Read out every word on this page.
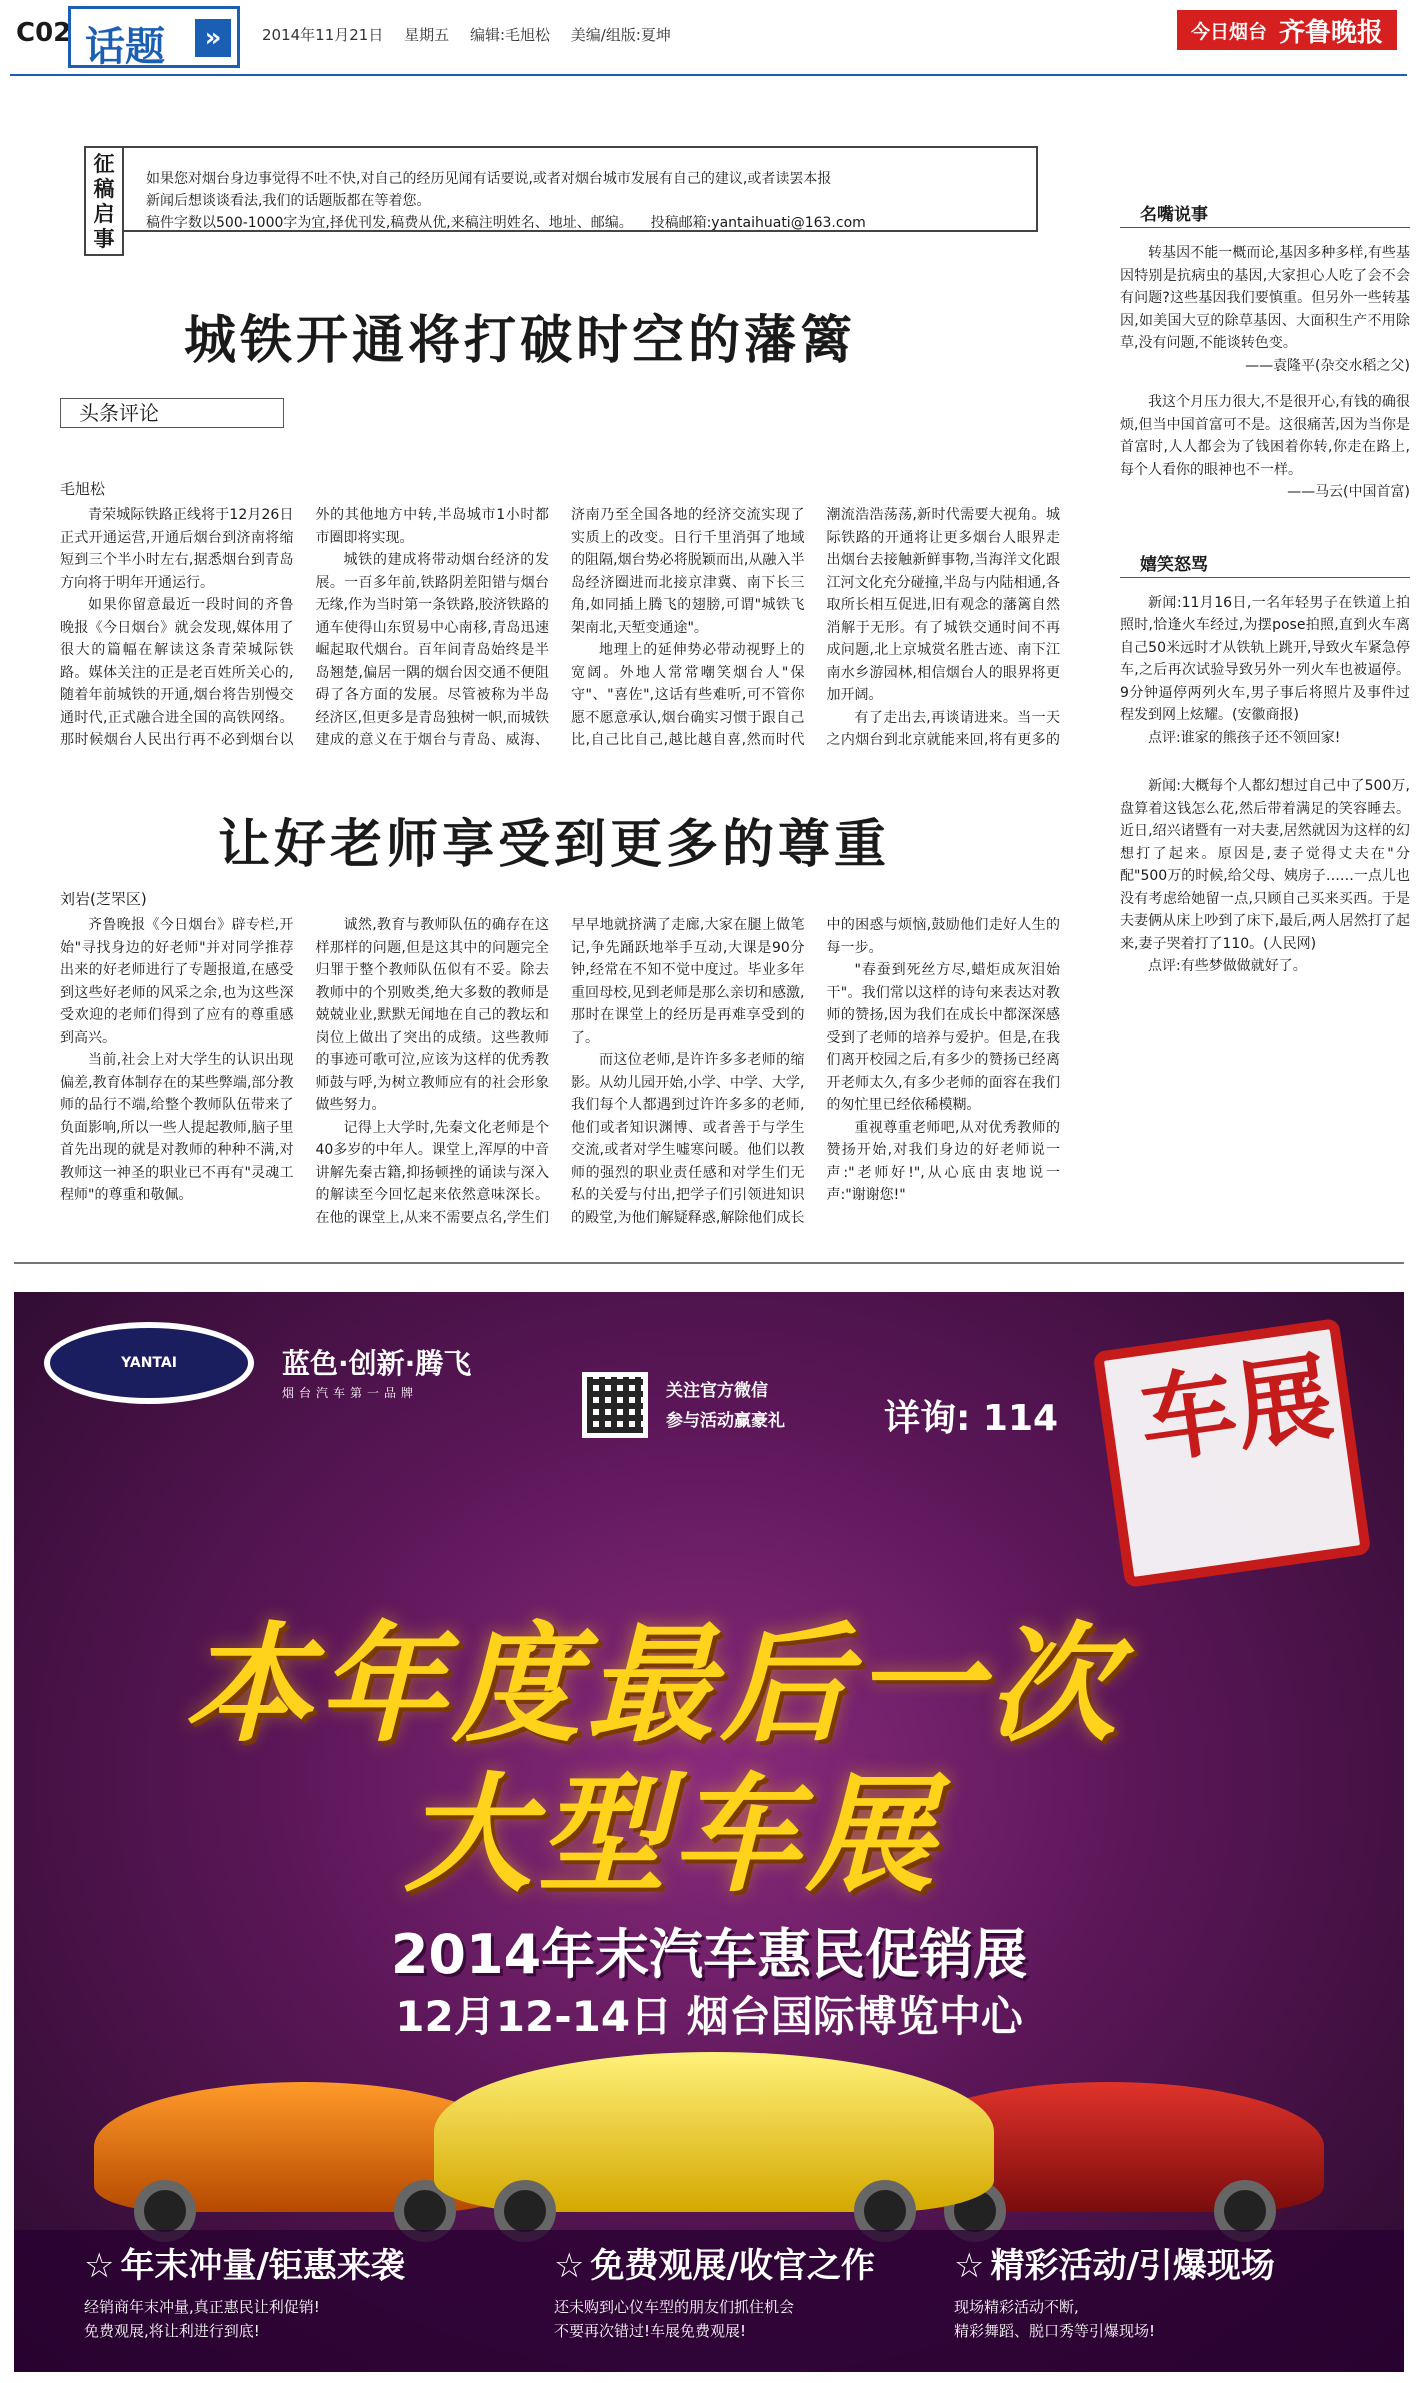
C02 话题	»	2014年11月21日 星期五 编辑:毛旭松 美编/组版:夏坤	今日烟台 齐鲁晚报
征稿启事

如果您对烟台身边事觉得不吐不快,对自己的经历见闻有话要说,或者对烟台城市发展有自己的建议,或者读罢本报

新闻后想谈谈看法,我们的话题版都在等着您。

稿件字数以500-1000字为宜,择优刊发,稿费从优,来稿注明姓名、地址、邮编。 投稿邮箱:yantaihuati@163.com

城铁开通将打破时空的藩篱
头条评论
毛旭松

青荣城际铁路正线将于12月26日正式开通运营,开通后烟台到济南将缩短到三个半小时左右,据悉烟台到青岛方向将于明年开通运行。

如果你留意最近一段时间的齐鲁晚报《今日烟台》就会发现,媒体用了很大的篇幅在解读这条青荣城际铁路。媒体关注的正是老百姓所关心的,随着年前城铁的开通,烟台将告别慢交通时代,正式融合进全国的高铁网络。那时候烟台人民出行再不必到烟台以外的其他地方中转,半岛城市1小时都市圈即将实现。

城铁的建成将带动烟台经济的发展。一百多年前,铁路阴差阳错与烟台无缘,作为当时第一条铁路,胶济铁路的通车使得山东贸易中心南移,青岛迅速崛起取代烟台。百年间青岛始终是半岛翘楚,偏居一隅的烟台因交通不便阻碍了各方面的发展。尽管被称为半岛经济区,但更多是青岛独树一帜,而城铁建成的意义在于烟台与青岛、威海、济南乃至全国各地的经济交流实现了实质上的改变。日行千里消弭了地域的阻隔,烟台势必将脱颖而出,从融入半岛经济圈进而北接京津冀、南下长三角,如同插上腾飞的翅膀,可谓"城铁飞架南北,天堑变通途"。

地理上的延伸势必带动视野上的宽阔。外地人常常嘲笑烟台人"保守"、"喜佐",这话有些难听,可不管你愿不愿意承认,烟台确实习惯于跟自己比,自己比自己,越比越自喜,然而时代潮流浩浩荡荡,新时代需要大视角。城际铁路的开通将让更多烟台人眼界走出烟台去接触新鲜事物,当海洋文化跟江河文化充分碰撞,半岛与内陆相通,各取所长相互促进,旧有观念的藩篱自然消解于无形。有了城铁交通时间不再成问题,北上京城赏名胜古迹、南下江南水乡游园林,相信烟台人的眼界将更加开阔。

有了走出去,再谈请进来。当一天之内烟台到北京就能来回,将有更多的

让好老师享受到更多的尊重
刘岩(芝罘区)

齐鲁晚报《今日烟台》辟专栏,开始"寻找身边的好老师"并对同学推荐出来的好老师进行了专题报道,在感受到这些好老师的风采之余,也为这些深受欢迎的老师们得到了应有的尊重感到高兴。

当前,社会上对大学生的认识出现偏差,教育体制存在的某些弊端,部分教师的品行不端,给整个教师队伍带来了负面影响,所以一些人提起教师,脑子里首先出现的就是对教师的种种不满,对教师这一神圣的职业已不再有"灵魂工程师"的尊重和敬佩。

诚然,教育与教师队伍的确存在这样那样的问题,但是这其中的问题完全归罪于整个教师队伍似有不妥。除去教师中的个别败类,绝大多数的教师是兢兢业业,默默无闻地在自己的教坛和岗位上做出了突出的成绩。这些教师的事迹可歌可泣,应该为这样的优秀教师鼓与呼,为树立教师应有的社会形象做些努力。

记得上大学时,先秦文化老师是个40多岁的中年人。课堂上,浑厚的中音讲解先秦古籍,抑扬顿挫的诵读与深入的解读至今回忆起来依然意味深长。在他的课堂上,从来不需要点名,学生们早早地就挤满了走廊,大家在腿上做笔记,争先踊跃地举手互动,大课是90分钟,经常在不知不觉中度过。毕业多年重回母校,见到老师是那么亲切和感激,那时在课堂上的经历是再难享受到的了。

而这位老师,是许许多多老师的缩影。从幼儿园开始,小学、中学、大学,我们每个人都遇到过许许多多的老师,他们或者知识渊博、或者善于与学生交流,或者对学生嘘寒问暖。他们以教师的强烈的职业责任感和对学生们无私的关爱与付出,把学子们引领进知识的殿堂,为他们解疑释惑,解除他们成长中的困惑与烦恼,鼓励他们走好人生的每一步。

"春蚕到死丝方尽,蜡炬成灰泪始干"。我们常以这样的诗句来表达对教师的赞扬,因为我们在成长中都深深感受到了老师的培养与爱护。但是,在我们离开校园之后,有多少的赞扬已经离开老师太久,有多少老师的面容在我们的匆忙里已经依稀模糊。

重视尊重老师吧,从对优秀教师的赞扬开始,对我们身边的好老师说一声:"老师好!",从心底由衷地说一声:"谢谢您!"

名嘴说事

转基因不能一概而论,基因多种多样,有些基因特别是抗病虫的基因,大家担心人吃了会不会有问题?这些基因我们要慎重。但另外一些转基因,如美国大豆的除草基因、大面积生产不用除草,没有问题,不能谈转色变。

——袁隆平(杂交水稻之父)

我这个月压力很大,不是很开心,有钱的确很烦,但当中国首富可不是。这很痛苦,因为当你是首富时,人人都会为了钱困着你转,你走在路上,每个人看你的眼神也不一样。

——马云(中国首富)

嬉笑怒骂

新闻:11月16日,一名年轻男子在铁道上拍照时,恰逢火车经过,为摆pose拍照,直到火车离自己50米远时才从铁轨上跳开,导致火车紧急停车,之后再次试验导致另外一列火车也被逼停。9分钟逼停两列火车,男子事后将照片及事件过程发到网上炫耀。(安徽商报)

点评:谁家的熊孩子还不领回家!

新闻:大概每个人都幻想过自己中了500万,盘算着这钱怎么花,然后带着满足的笑容睡去。近日,绍兴诸暨有一对夫妻,居然就因为这样的幻想打了起来。原因是,妻子觉得丈夫在"分配"500万的时候,给父母、姨房子……一点儿也没有考虑给她留一点,只顾自己买来买西。于是夫妻俩从床上吵到了床下,最后,两人居然打了起来,妻子哭着打了110。(人民网)

点评:有些梦做做就好了。

YANTAI	蓝色·创新·腾飞
烟台汽车第一品牌	关注官方微信
参与活动赢豪礼	详询: 114 车展
本年度最后一次
大型车展
2014年末汽车惠民促销展
12月12-14日 烟台国际博览中心
☆ 年末冲量/钜惠来袭
经销商年末冲量,真正惠民让利促销!
免费观展,将让利进行到底!
☆ 免费观展/收官之作
还未购到心仪车型的朋友们抓住机会
不要再次错过!车展免费观展!
☆ 精彩活动/引爆现场
现场精彩活动不断,
精彩舞蹈、脱口秀等引爆现场!
